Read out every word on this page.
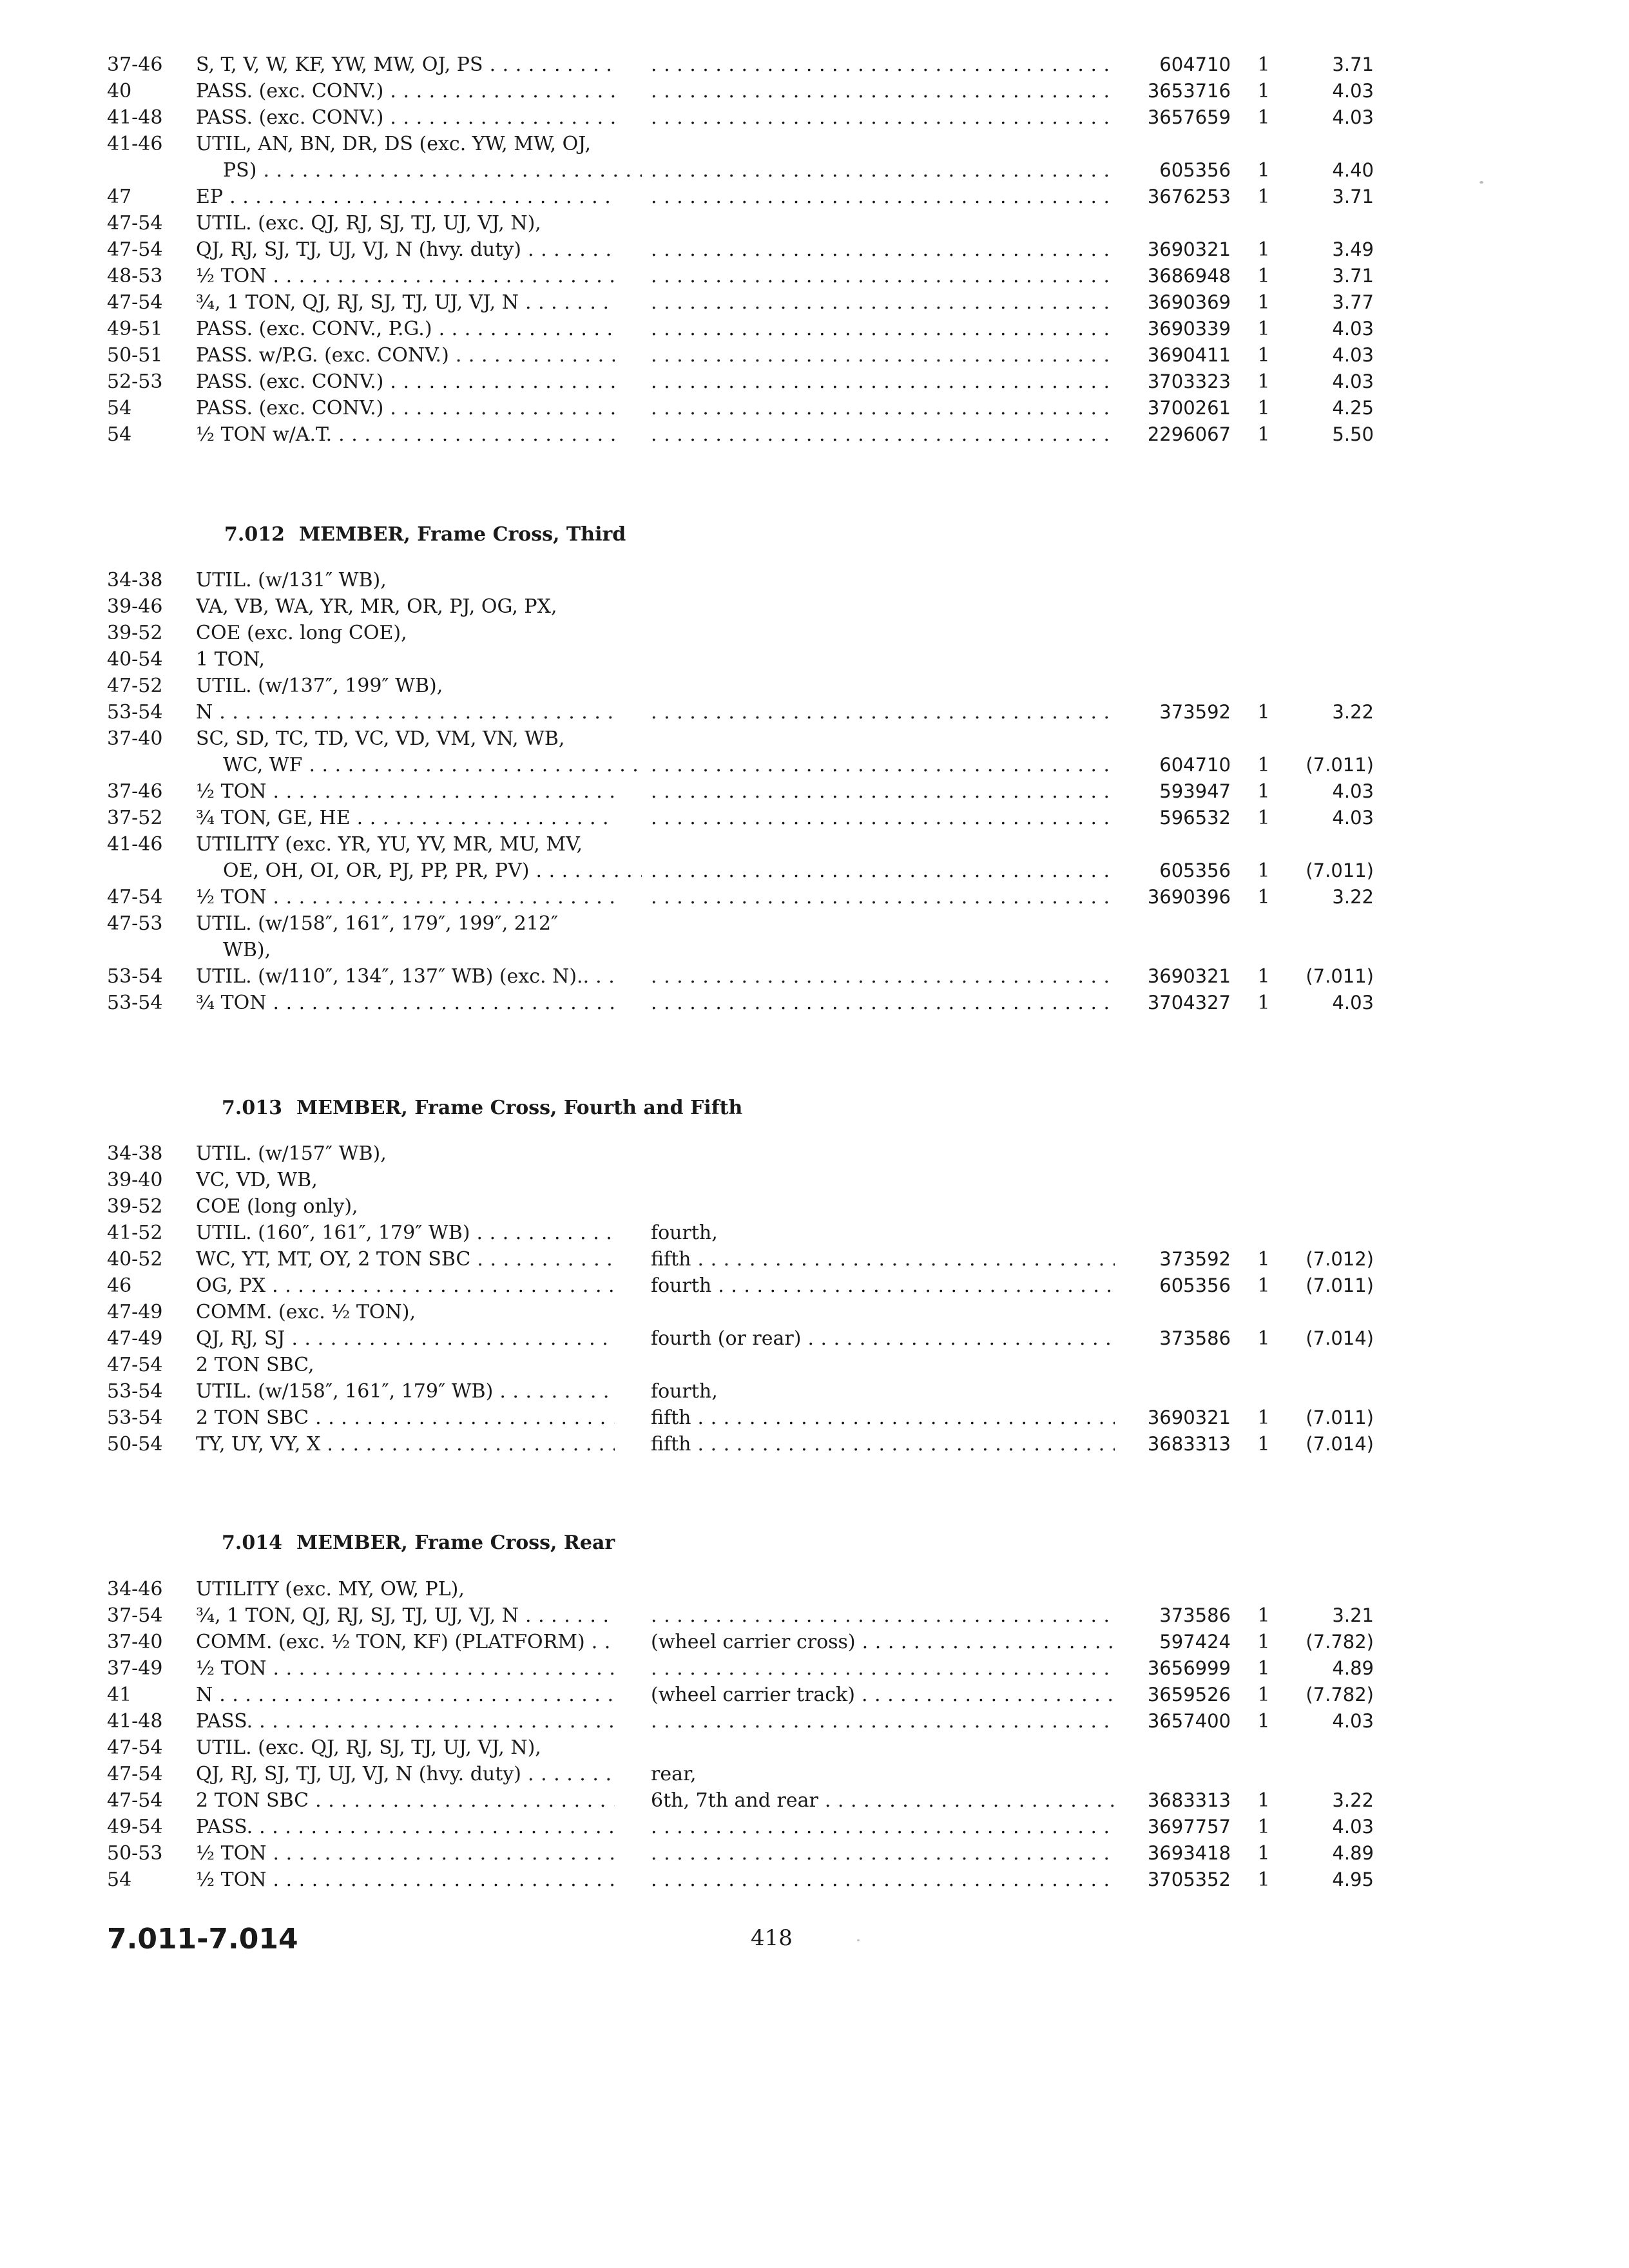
37-46	S, T, V, W, KF, YW, MW, OJ, PS . . . . . .	604710 1	3.71
40	PASS. (exc. CONV.) . . . . . .	3653716 1	4.03
41-48	PASS. (exc. CONV.) . . . . . .	3657659 1	4.03
41-46	UTIL, AN, BN, DR, DS (exc. YW, MW, OJ,
PS) . . . . . .	605356 1	4.40
47	EP . . . . . .	3676253 1	3.71
47-54	UTIL. (exc. QJ, RJ, SJ, TJ, UJ, VJ, N),
47-54	QJ, RJ, SJ, TJ, UJ, VJ, N (hvy. duty) . . . . . .	3690321 1	3.49
48-53	½ TON . . . . . .	3686948 1	3.71
47-54	¾, 1 TON, QJ, RJ, SJ, TJ, UJ, VJ, N . . . . . .	3690369 1	3.77
49-51	PASS. (exc. CONV., P.G.) . . . . . .	3690339 1	4.03
50-51	PASS. w/P.G. (exc. CONV.) . . . . . .	3690411 1	4.03
52-53	PASS. (exc. CONV.) . . . . . .	3703323 1	4.03
54	PASS. (exc. CONV.) . . . . . .	3700261 1	4.25
54	½ TON w/A.T. . . . . . .	2296067 1	5.50
7.012 MEMBER, Frame Cross, Third
34-38	UTIL. (w/131″ WB),
39-46	VA, VB, WA, YR, MR, OR, PJ, OG, PX,
39-52	COE (exc. long COE),
40-54	1 TON,
47-52	UTIL. (w/137″, 199″ WB),
53-54	N . . . . . .	373592 1	3.22
37-40	SC, SD, TC, TD, VC, VD, VM, VN, WB,
WC, WF . . . . . .	604710 1	(7.011)
37-46	½ TON . . . . . .	593947 1	4.03
37-52	¾ TON, GE, HE . . . . . .	596532 1	4.03
41-46	UTILITY (exc. YR, YU, YV, MR, MU, MV,
OE, OH, OI, OR, PJ, PP, PR, PV) . . . . . .	605356 1	(7.011)
47-54	½ TON . . . . . .	3690396 1	3.22
47-53	UTIL. (w/158″, 161″, 179″, 199″, 212″
WB),
53-54	UTIL. (w/110″, 134″, 137″ WB) (exc. N).. . . . . . .	3690321 1	(7.011)
53-54	¾ TON . . . . . .	3704327 1	4.03
7.013 MEMBER, Frame Cross, Fourth and Fifth
34-38	UTIL. (w/157″ WB),
39-40	VC, VD, WB,
39-52	COE (long only),
41-52	UTIL. (160″, 161″, 179″ WB) . . .	fourth,
40-52	WC, YT, MT, OY, 2 TON SBC . . .	fifth . . .	373592 1	(7.012)
46	OG, PX . . .	fourth . . .	605356 1	(7.011)
47-49	COMM. (exc. ½ TON),
47-49	QJ, RJ, SJ . . .	fourth (or rear) . . .	373586 1	(7.014)
47-54	2 TON SBC,
53-54	UTIL. (w/158″, 161″, 179″ WB) . . .	fourth,
53-54	2 TON SBC . . .	fifth . . .	3690321 1	(7.011)
50-54	TY, UY, VY, X . . .	fifth . . .	3683313 1	(7.014)
7.014 MEMBER, Frame Cross, Rear
34-46	UTILITY (exc. MY, OW, PL),
37-54	¾, 1 TON, QJ, RJ, SJ, TJ, UJ, VJ, N . . . . . .	373586 1	3.21
37-40	COMM. (exc. ½ TON, KF) (PLATFORM) . . .	(wheel carrier cross) . . .	597424 1	(7.782)
37-49	½ TON . . . . . .	3656999 1	4.89
41	N . . .	(wheel carrier track) . . .	3659526 1	(7.782)
41-48	PASS. . . . . . .	3657400 1	4.03
47-54	UTIL. (exc. QJ, RJ, SJ, TJ, UJ, VJ, N),
47-54	QJ, RJ, SJ, TJ, UJ, VJ, N (hvy. duty) . . .	rear,
47-54	2 TON SBC . . .	6th, 7th and rear . . .	3683313 1	3.22
49-54	PASS. . . . . . .	3697757 1	4.03
50-53	½ TON . . . . . .	3693418 1	4.89
54	½ TON . . . . . .	3705352 1	4.95
7.011-7.014	418
